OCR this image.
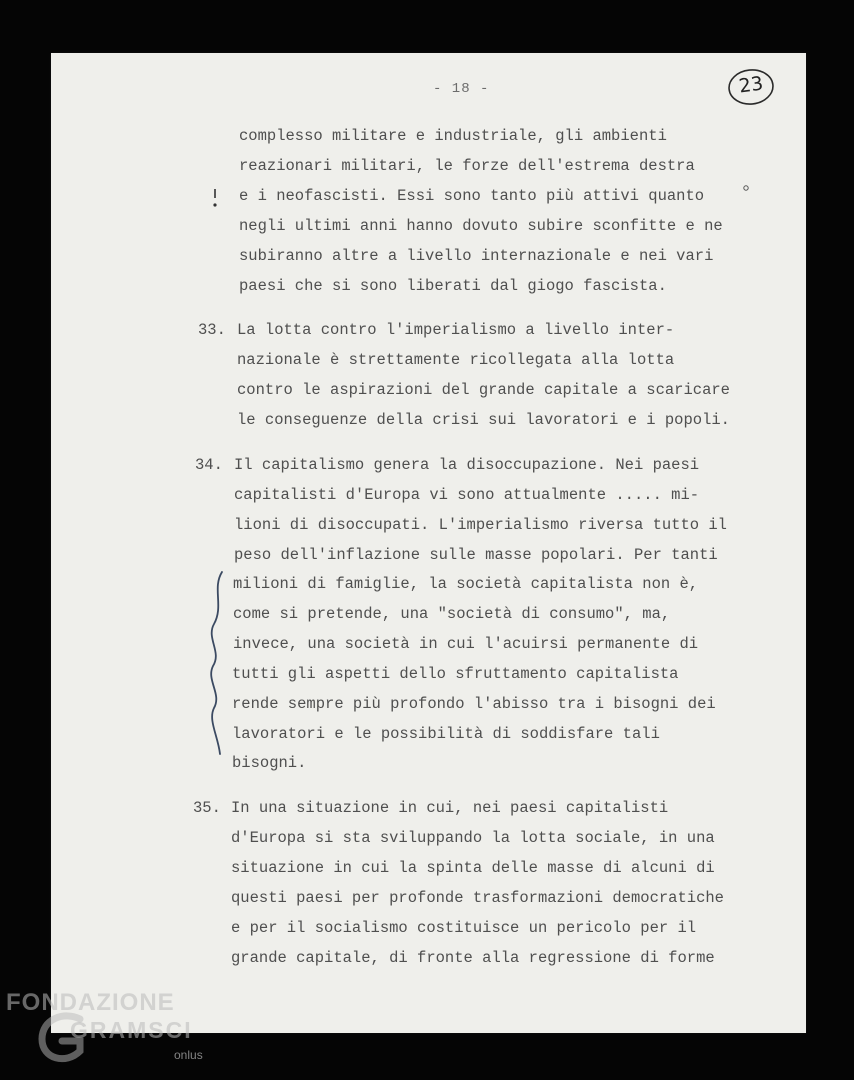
- 18 -	23
complesso militare e industriale, gli ambienti
reazionari militari, le forze dell'estrema destra
e i neofascisti. Essi sono tanto più attivi quanto
negli ultimi anni hanno dovuto subire sconfitte e ne
subiranno altre a livello internazionale e nei vari
paesi che si sono liberati dal giogo fascista.
33. La lotta contro l'imperialismo a livello inter-
nazionale è strettamente ricollegata alla lotta
contro le aspirazioni del grande capitale a scaricare
le conseguenze della crisi sui lavoratori e i popoli.
34. Il capitalismo genera la disoccupazione. Nei paesi
capitalisti d'Europa vi sono attualmente ..... mi-
lioni di disoccupati. L'imperialismo riversa tutto il
peso dell'inflazione sulle masse popolari. Per tanti
milioni di famiglie, la società capitalista non è,
come si pretende, una "società di consumo", ma,
invece, una società in cui l'acuirsi permanente di
tutti gli aspetti dello sfruttamento capitalista
rende sempre più profondo l'abisso tra i bisogni dei
lavoratori e le possibilità di soddisfare tali
bisogni.
35. In una situazione in cui, nei paesi capitalisti
d'Europa si sta sviluppando la lotta sociale, in una
situazione in cui la spinta delle masse di alcuni di
questi paesi per profonde trasformazioni democratiche
e per il socialismo costituisce un pericolo per il
grande capitale, di fronte alla regressione di forme
FONDAZIONE
GRAMSCI
onlus
